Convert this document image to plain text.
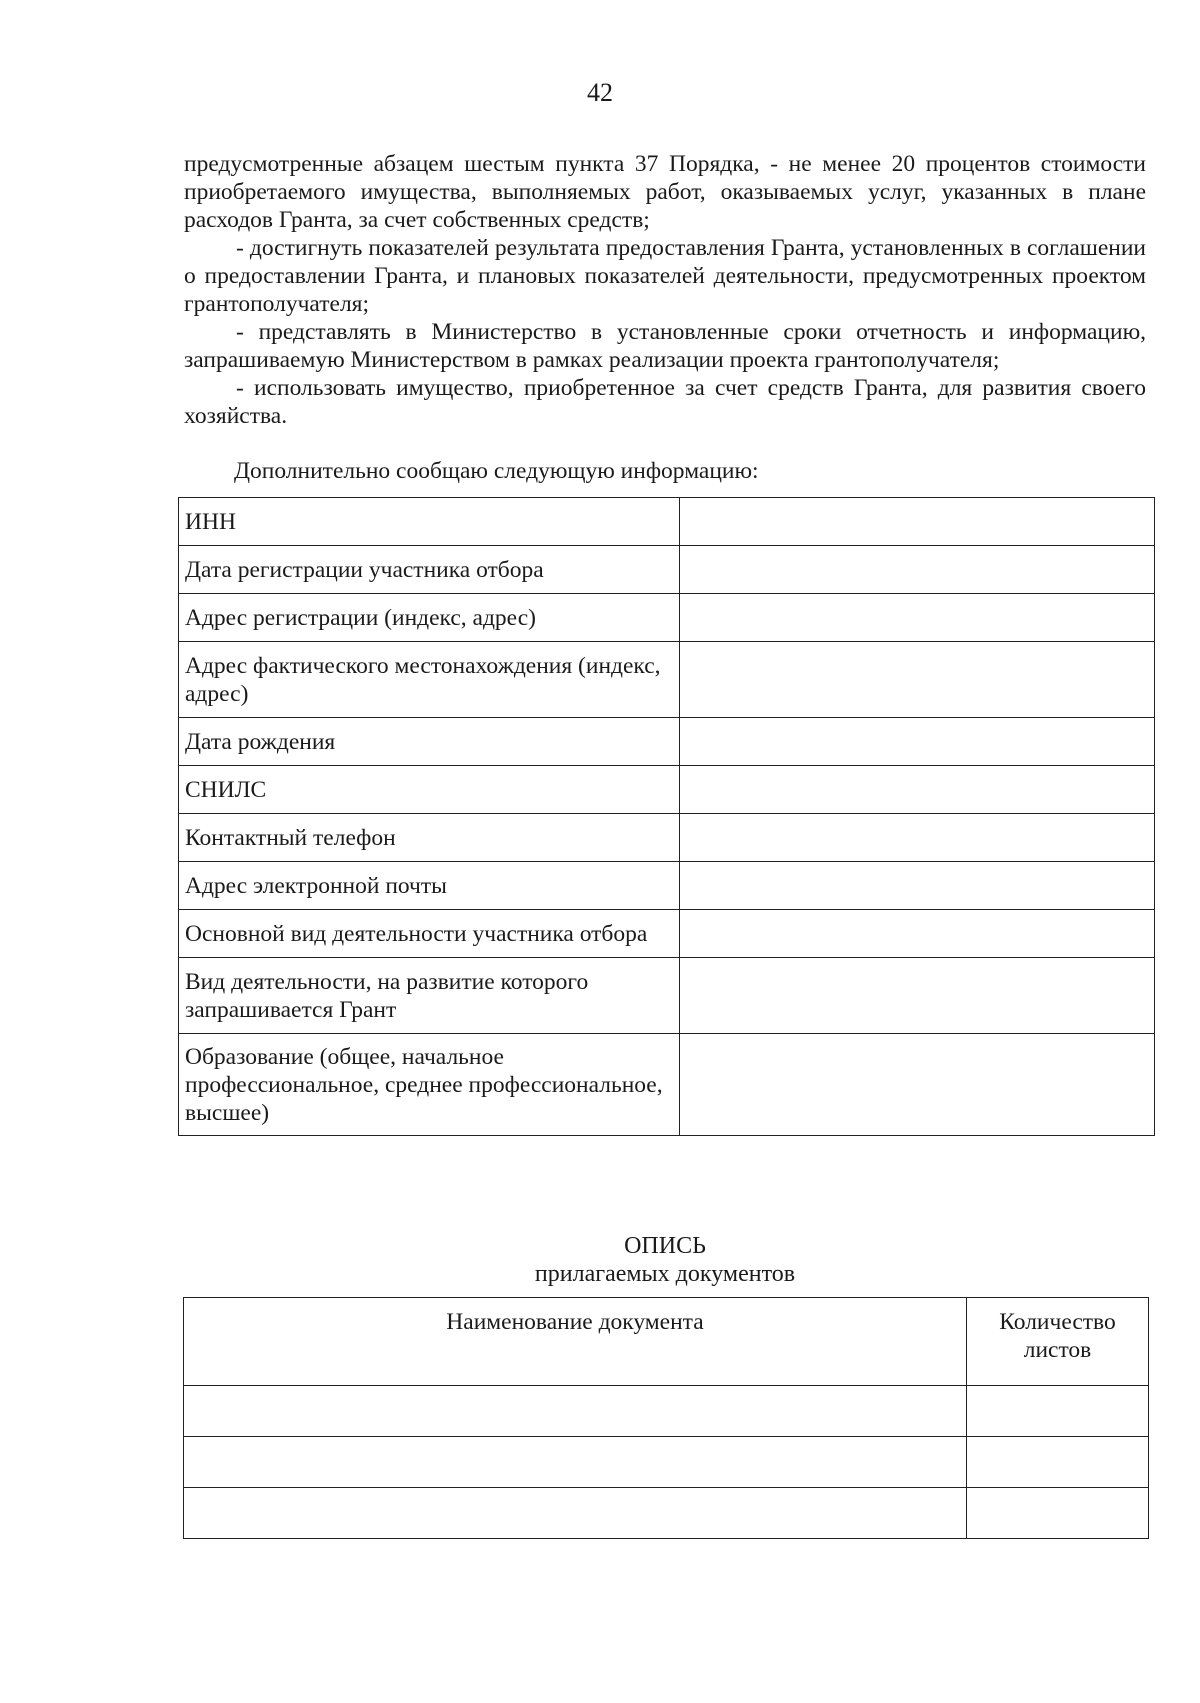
42

предусмотренные абзацем шестым пункта 37 Порядка, - не менее 20 процентов стоимости приобретаемого имущества, выполняемых работ, оказываемых услуг, указанных в плане расходов Гранта, за счет собственных средств;

- достигнуть показателей результата предоставления Гранта, установленных в соглашении о предоставлении Гранта, и плановых показателей деятельности, предусмотренных проектом грантополучателя;

- представлять в Министерство в установленные сроки отчетность и информацию, запрашиваемую Министерством в рамках реализации проекта грантополучателя;

- использовать имущество, приобретенное за счет средств Гранта, для развития своего хозяйства.

Дополнительно сообщаю следующую информацию:
ИНН	
Дата регистрации участника отбора	
Адрес регистрации (индекс, адрес)	
Адрес фактического местонахождения (индекс, адрес)	
Дата рождения	
СНИЛС	
Контактный телефон	
Адрес электронной почты	
Основной вид деятельности участника отбора	
Вид деятельности, на развитие которого запрашивается Грант	
Образование (общее, начальное профессиональное, среднее профессиональное, высшее)	
ОПИСЬ
прилагаемых документов
Наименование документа	Количество листов
